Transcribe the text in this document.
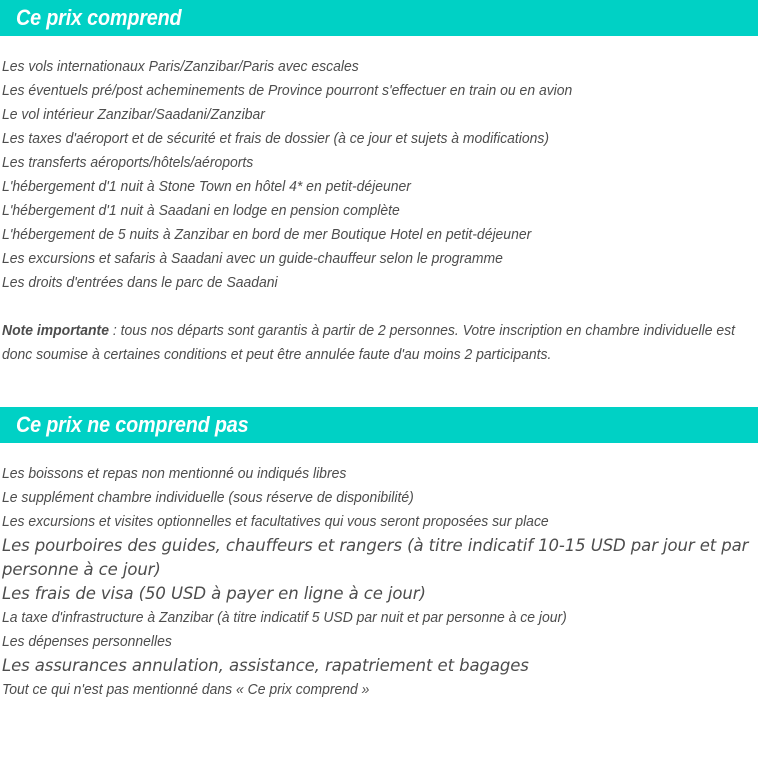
Ce prix comprend
Les vols internationaux Paris/Zanzibar/Paris avec escales
Les éventuels pré/post acheminements de Province pourront s'effectuer en train ou en avion
Le vol intérieur Zanzibar/Saadani/Zanzibar
Les taxes d'aéroport et de sécurité et frais de dossier (à ce jour et sujets à modifications)
Les transferts aéroports/hôtels/aéroports
L'hébergement d'1 nuit à Stone Town en hôtel 4* en petit-déjeuner
L'hébergement d'1 nuit à Saadani en lodge en pension complète
L'hébergement de 5 nuits à Zanzibar en bord de mer Boutique Hotel en petit-déjeuner
Les excursions et safaris à Saadani avec un guide-chauffeur selon le programme
Les droits d'entrées dans le parc de Saadani

Note importante : tous nos départs sont garantis à partir de 2 personnes. Votre inscription en chambre individuelle est donc soumise à certaines conditions et peut être annulée faute d'au moins 2 participants.

Ce prix ne comprend pas
Les boissons et repas non mentionné ou indiqués libres
Le supplément chambre individuelle (sous réserve de disponibilité)
Les excursions et visites optionnelles et facultatives qui vous seront proposées sur place
Les pourboires des guides, chauffeurs et rangers (à titre indicatif 10-15 USD par jour et par personne à ce jour)
Les frais de visa (50 USD à payer en ligne à ce jour)
La taxe d'infrastructure à Zanzibar (à titre indicatif 5 USD par nuit et par personne à ce jour)
Les dépenses personnelles
Les assurances annulation, assistance, rapatriement et bagages
Tout ce qui n'est pas mentionné dans « Ce prix comprend »
